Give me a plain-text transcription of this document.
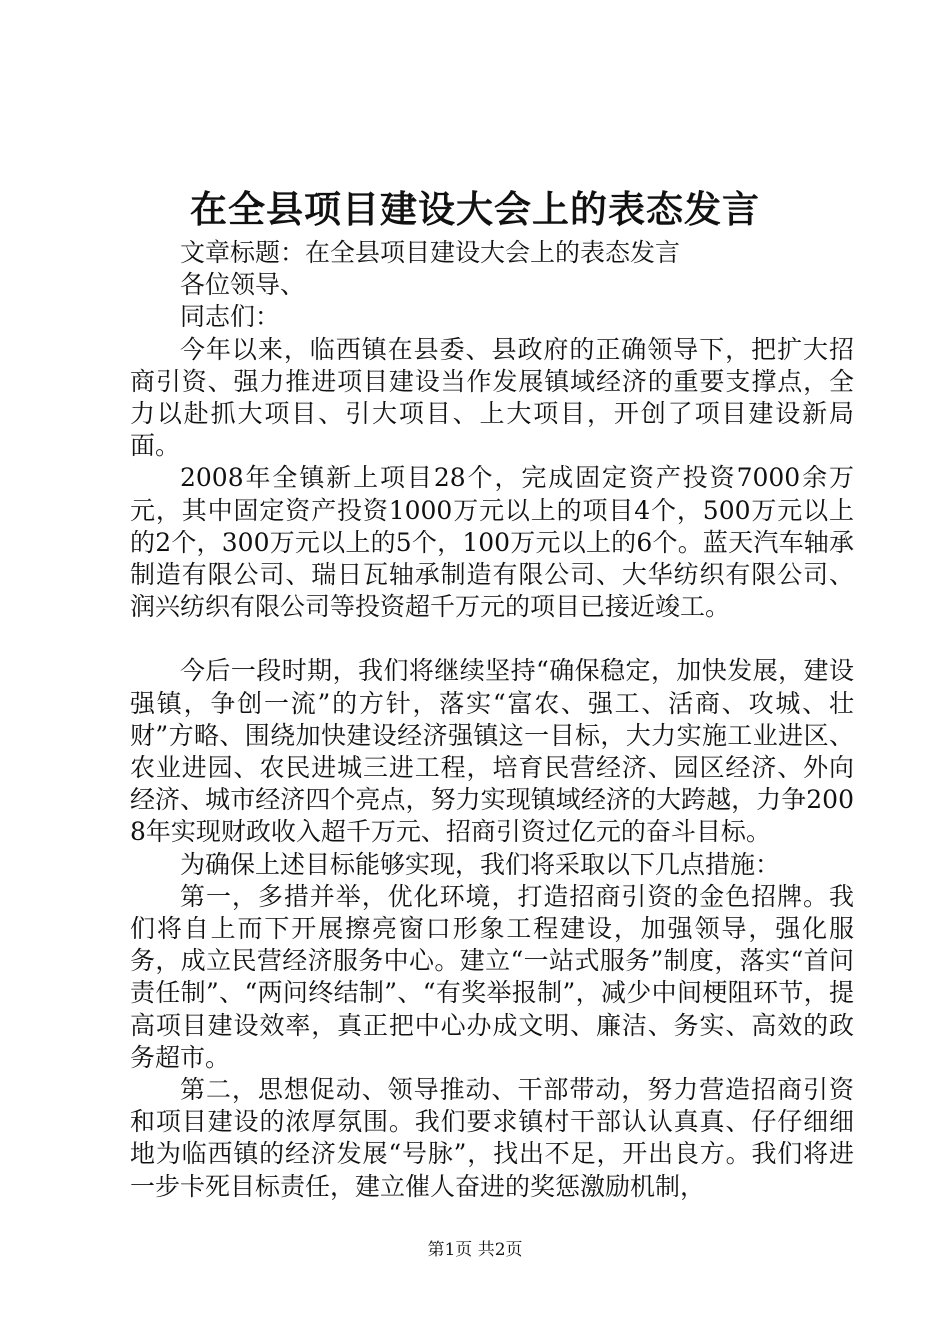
在全县项目建设大会上的表态发言

文章标题：在全县项目建设大会上的表态发言

各位领导、

同志们：

今年以来，临西镇在县委、县政府的正确领导下，把扩大招商引资、强力推进项目建设当作发展镇域经济的重要支撑点，全力以赴抓大项目、引大项目、上大项目，开创了项目建设新局面。

2008年全镇新上项目28个，完成固定资产投资7000余万元，其中固定资产投资1000万元以上的项目4个，500万元以上的2个，300万元以上的5个，100万元以上的6个。蓝天汽车轴承制造有限公司、瑞日瓦轴承制造有限公司、大华纺织有限公司、润兴纺织有限公司等投资超千万元的项目已接近竣工。

今后一段时期，我们将继续坚持“确保稳定，加快发展，建设强镇，争创一流”的方针，落实“富农、强工、活商、攻城、壮财”方略、围绕加快建设经济强镇这一目标，大力实施工业进区、农业进园、农民进城三进工程，培育民营经济、园区经济、外向经济、城市经济四个亮点，努力实现镇域经济的大跨越，力争2008年实现财政收入超千万元、招商引资过亿元的奋斗目标。

为确保上述目标能够实现，我们将采取以下几点措施：

第一，多措并举，优化环境，打造招商引资的金色招牌。我们将自上而下开展擦亮窗口形象工程建设，加强领导，强化服务，成立民营经济服务中心。建立“一站式服务”制度，落实“首问责任制”、“两问终结制”、“有奖举报制”，减少中间梗阻环节，提高项目建设效率，真正把中心办成文明、廉洁、务实、高效的政务超市。

第二，思想促动、领导推动、干部带动，努力营造招商引资和项目建设的浓厚氛围。我们要求镇村干部认认真真、仔仔细细地为临西镇的经济发展“号脉”，找出不足，开出良方。我们将进一步卡死目标责任，建立催人奋进的奖惩激励机制，

第1页 共2页
